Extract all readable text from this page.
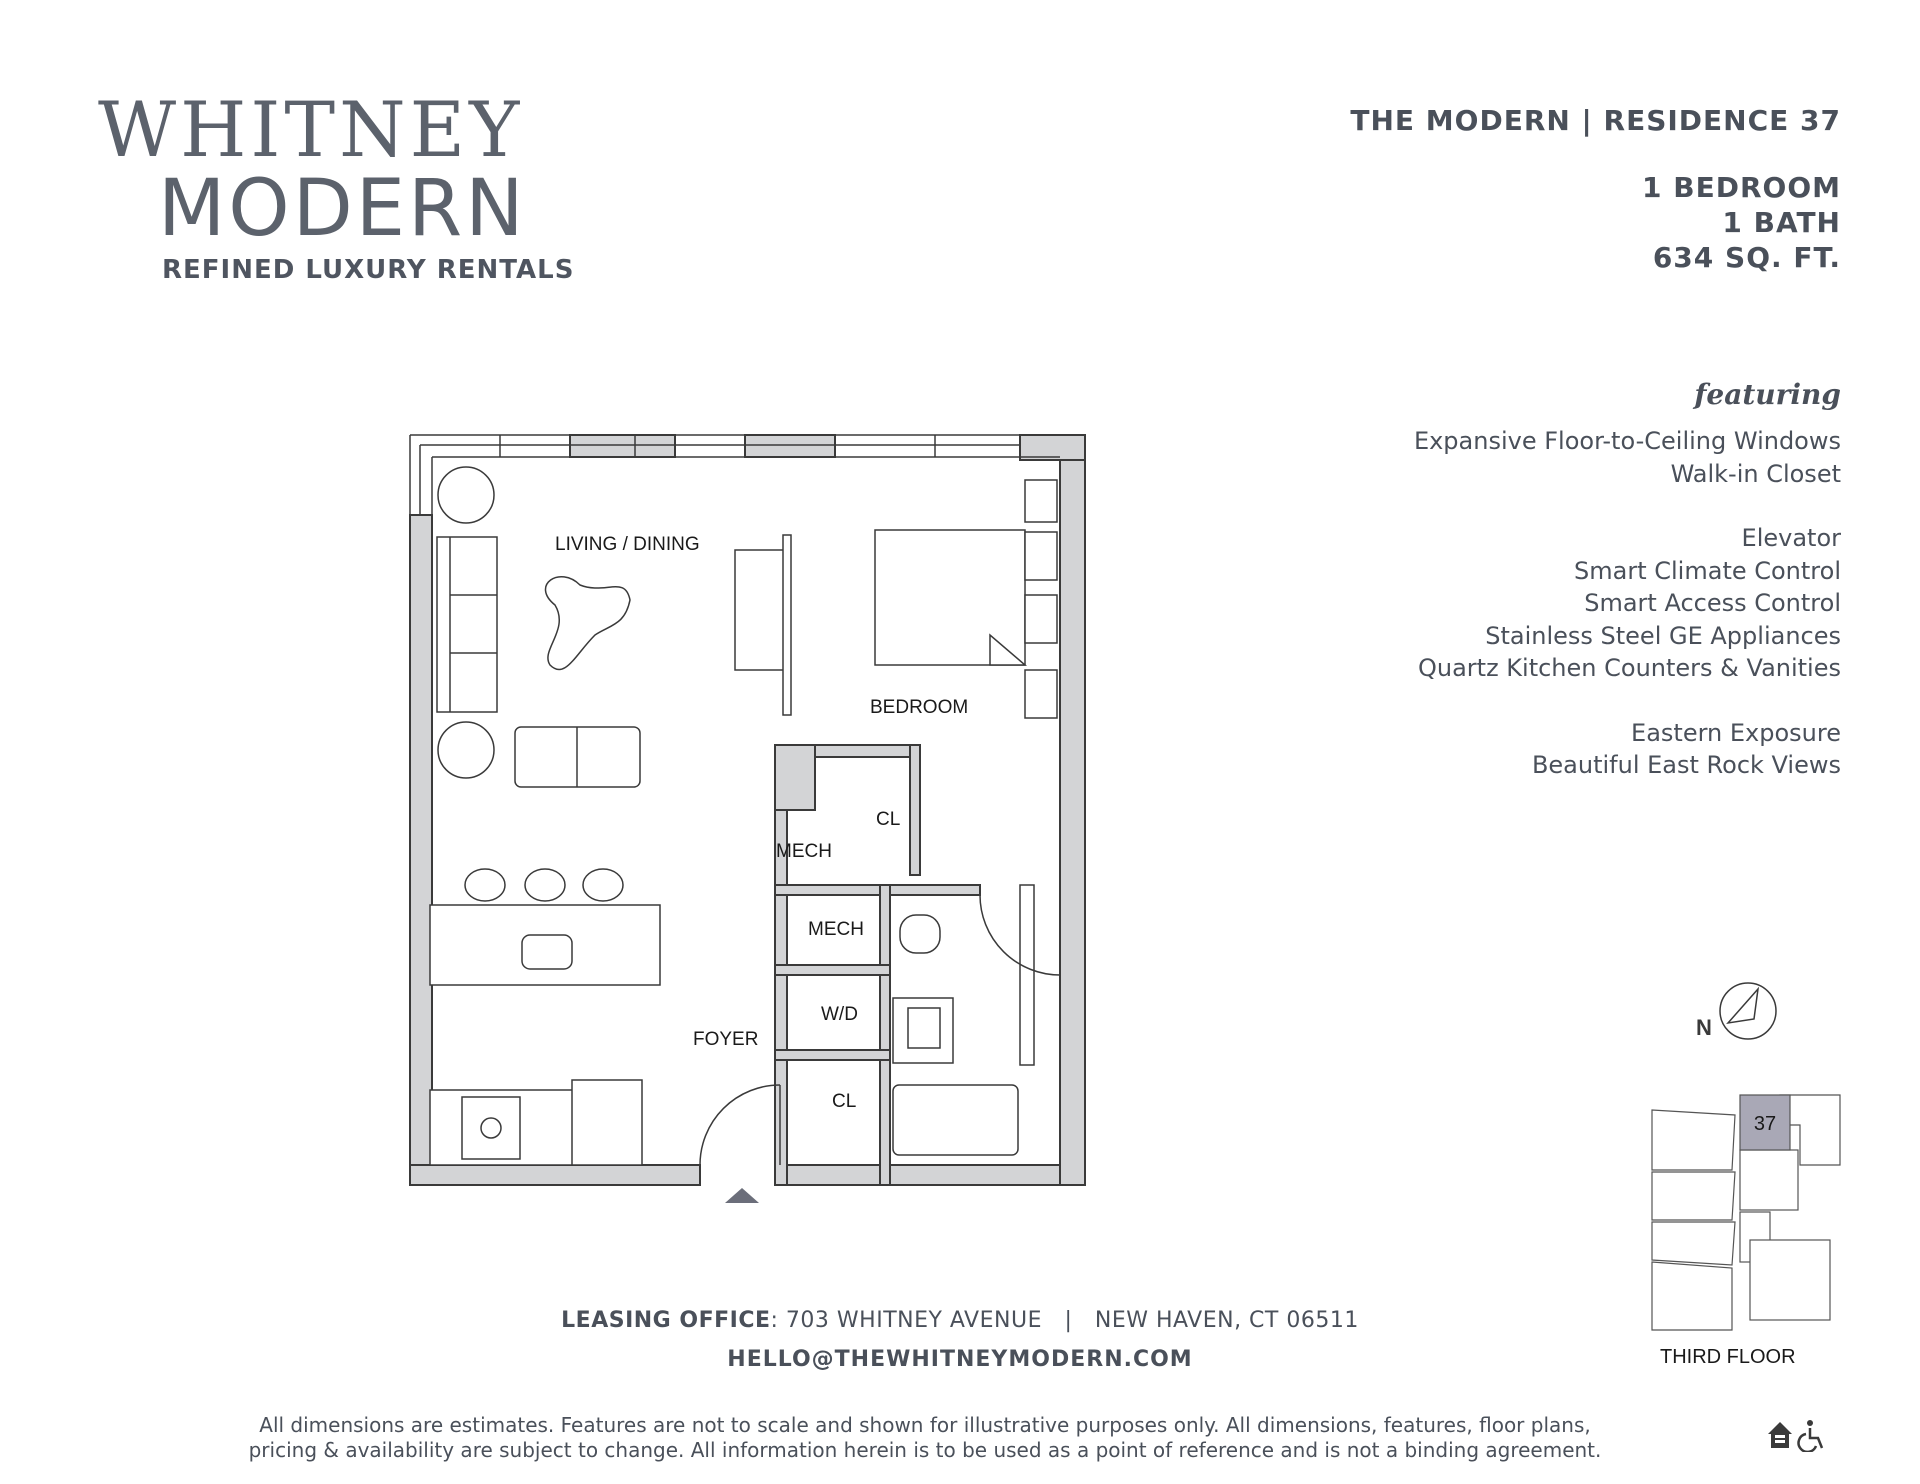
WHITNEY
MODERN
REFINED LUXURY RENTALS
THE MODERN | RESIDENCE 37
1 BEDROOM
1 BATH
634 SQ. FT.
featuring
Expansive Floor-to-Ceiling Windows
Walk-in Closet
Elevator
Smart Climate Control
Smart Access Control
Stainless Steel GE Appliances
Quartz Kitchen Counters & Vanities
Eastern Exposure
Beautiful East Rock Views
LIVING / DINING
BEDROOM
CL
MECH
MECH
W/D
FOYER
CL
N
37
THIRD FLOOR
LEASING OFFICE: 703 WHITNEY AVENUE | NEW HAVEN, CT 06511
HELLO@THEWHITNEYMODERN.COM
All dimensions are estimates. Features are not to scale and shown for illustrative purposes only. All dimensions, features, floor plans,
pricing & availability are subject to change. All information herein is to be used as a point of reference and is not a binding agreement.
